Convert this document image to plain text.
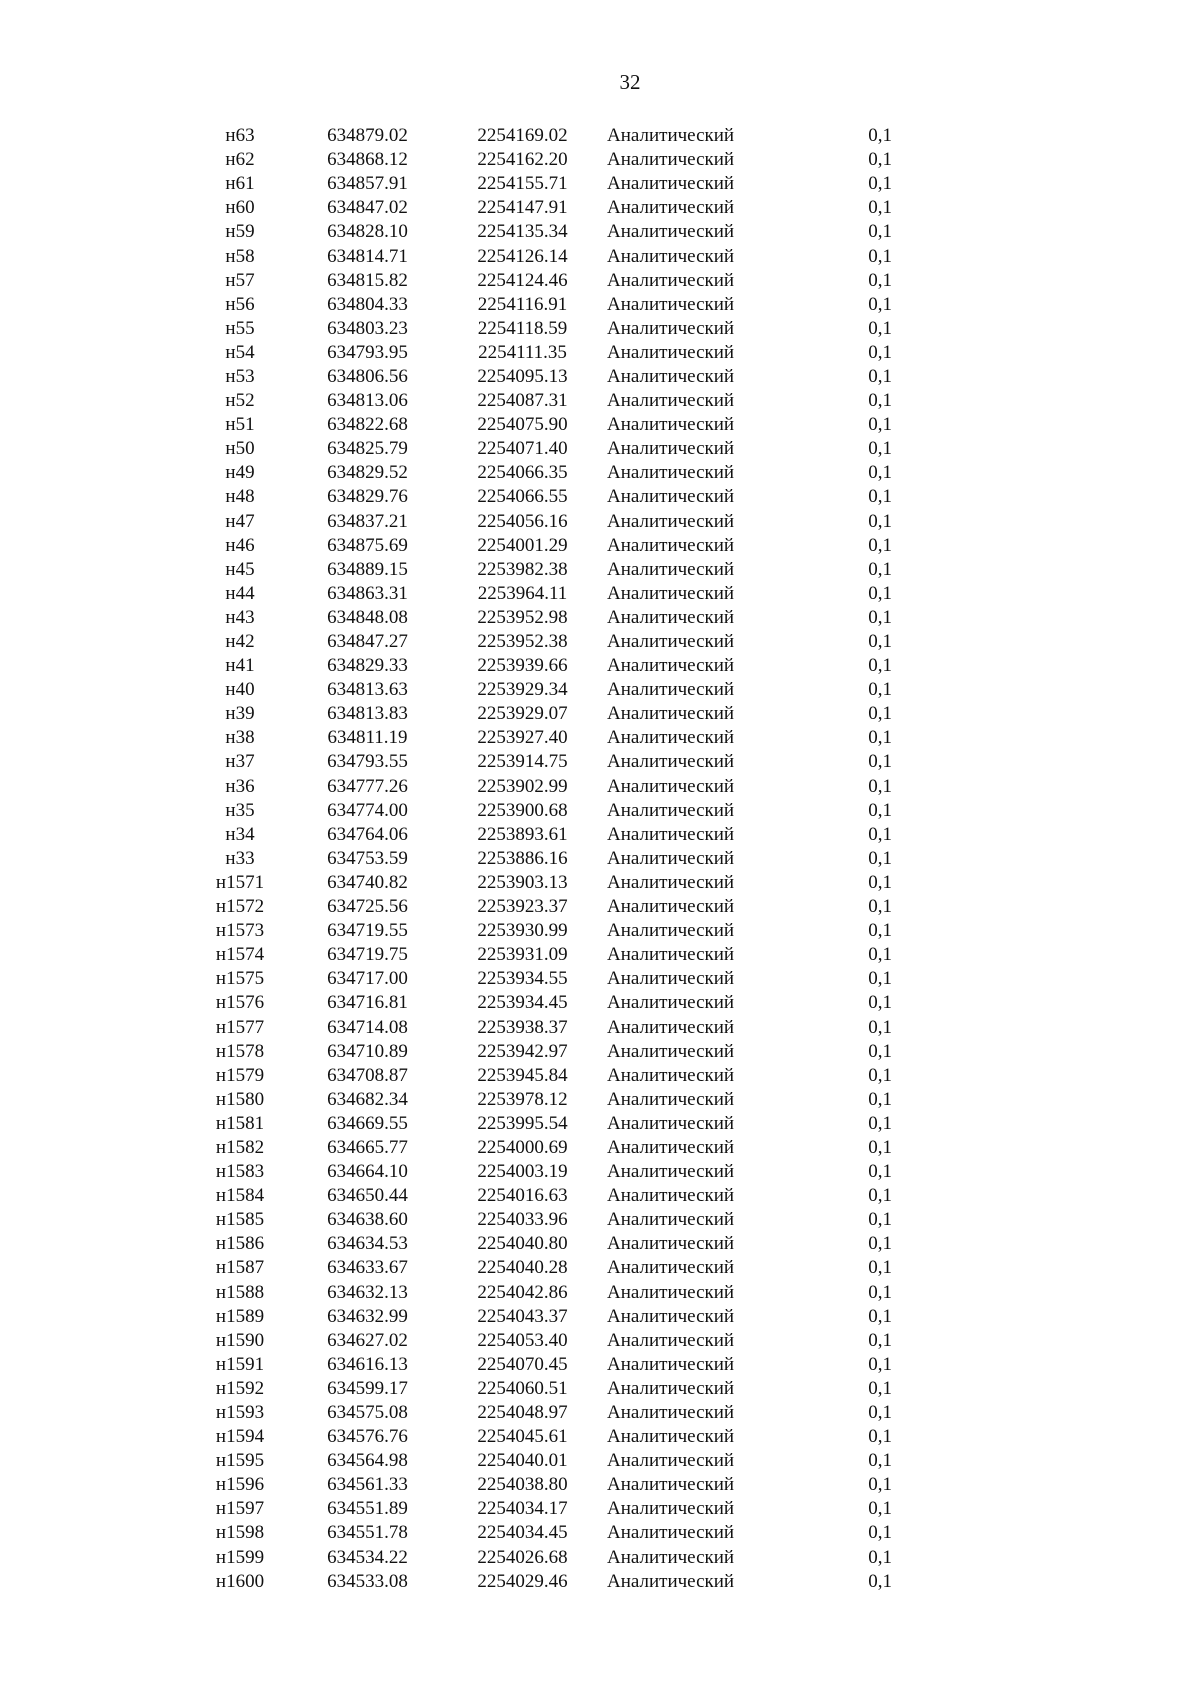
32
н63	634879.02	2254169.02	Аналитический	0,1
н62	634868.12	2254162.20	Аналитический	0,1
н61	634857.91	2254155.71	Аналитический	0,1
н60	634847.02	2254147.91	Аналитический	0,1
н59	634828.10	2254135.34	Аналитический	0,1
н58	634814.71	2254126.14	Аналитический	0,1
н57	634815.82	2254124.46	Аналитический	0,1
н56	634804.33	2254116.91	Аналитический	0,1
н55	634803.23	2254118.59	Аналитический	0,1
н54	634793.95	2254111.35	Аналитический	0,1
н53	634806.56	2254095.13	Аналитический	0,1
н52	634813.06	2254087.31	Аналитический	0,1
н51	634822.68	2254075.90	Аналитический	0,1
н50	634825.79	2254071.40	Аналитический	0,1
н49	634829.52	2254066.35	Аналитический	0,1
н48	634829.76	2254066.55	Аналитический	0,1
н47	634837.21	2254056.16	Аналитический	0,1
н46	634875.69	2254001.29	Аналитический	0,1
н45	634889.15	2253982.38	Аналитический	0,1
н44	634863.31	2253964.11	Аналитический	0,1
н43	634848.08	2253952.98	Аналитический	0,1
н42	634847.27	2253952.38	Аналитический	0,1
н41	634829.33	2253939.66	Аналитический	0,1
н40	634813.63	2253929.34	Аналитический	0,1
н39	634813.83	2253929.07	Аналитический	0,1
н38	634811.19	2253927.40	Аналитический	0,1
н37	634793.55	2253914.75	Аналитический	0,1
н36	634777.26	2253902.99	Аналитический	0,1
н35	634774.00	2253900.68	Аналитический	0,1
н34	634764.06	2253893.61	Аналитический	0,1
н33	634753.59	2253886.16	Аналитический	0,1
н1571	634740.82	2253903.13	Аналитический	0,1
н1572	634725.56	2253923.37	Аналитический	0,1
н1573	634719.55	2253930.99	Аналитический	0,1
н1574	634719.75	2253931.09	Аналитический	0,1
н1575	634717.00	2253934.55	Аналитический	0,1
н1576	634716.81	2253934.45	Аналитический	0,1
н1577	634714.08	2253938.37	Аналитический	0,1
н1578	634710.89	2253942.97	Аналитический	0,1
н1579	634708.87	2253945.84	Аналитический	0,1
н1580	634682.34	2253978.12	Аналитический	0,1
н1581	634669.55	2253995.54	Аналитический	0,1
н1582	634665.77	2254000.69	Аналитический	0,1
н1583	634664.10	2254003.19	Аналитический	0,1
н1584	634650.44	2254016.63	Аналитический	0,1
н1585	634638.60	2254033.96	Аналитический	0,1
н1586	634634.53	2254040.80	Аналитический	0,1
н1587	634633.67	2254040.28	Аналитический	0,1
н1588	634632.13	2254042.86	Аналитический	0,1
н1589	634632.99	2254043.37	Аналитический	0,1
н1590	634627.02	2254053.40	Аналитический	0,1
н1591	634616.13	2254070.45	Аналитический	0,1
н1592	634599.17	2254060.51	Аналитический	0,1
н1593	634575.08	2254048.97	Аналитический	0,1
н1594	634576.76	2254045.61	Аналитический	0,1
н1595	634564.98	2254040.01	Аналитический	0,1
н1596	634561.33	2254038.80	Аналитический	0,1
н1597	634551.89	2254034.17	Аналитический	0,1
н1598	634551.78	2254034.45	Аналитический	0,1
н1599	634534.22	2254026.68	Аналитический	0,1
н1600	634533.08	2254029.46	Аналитический	0,1
